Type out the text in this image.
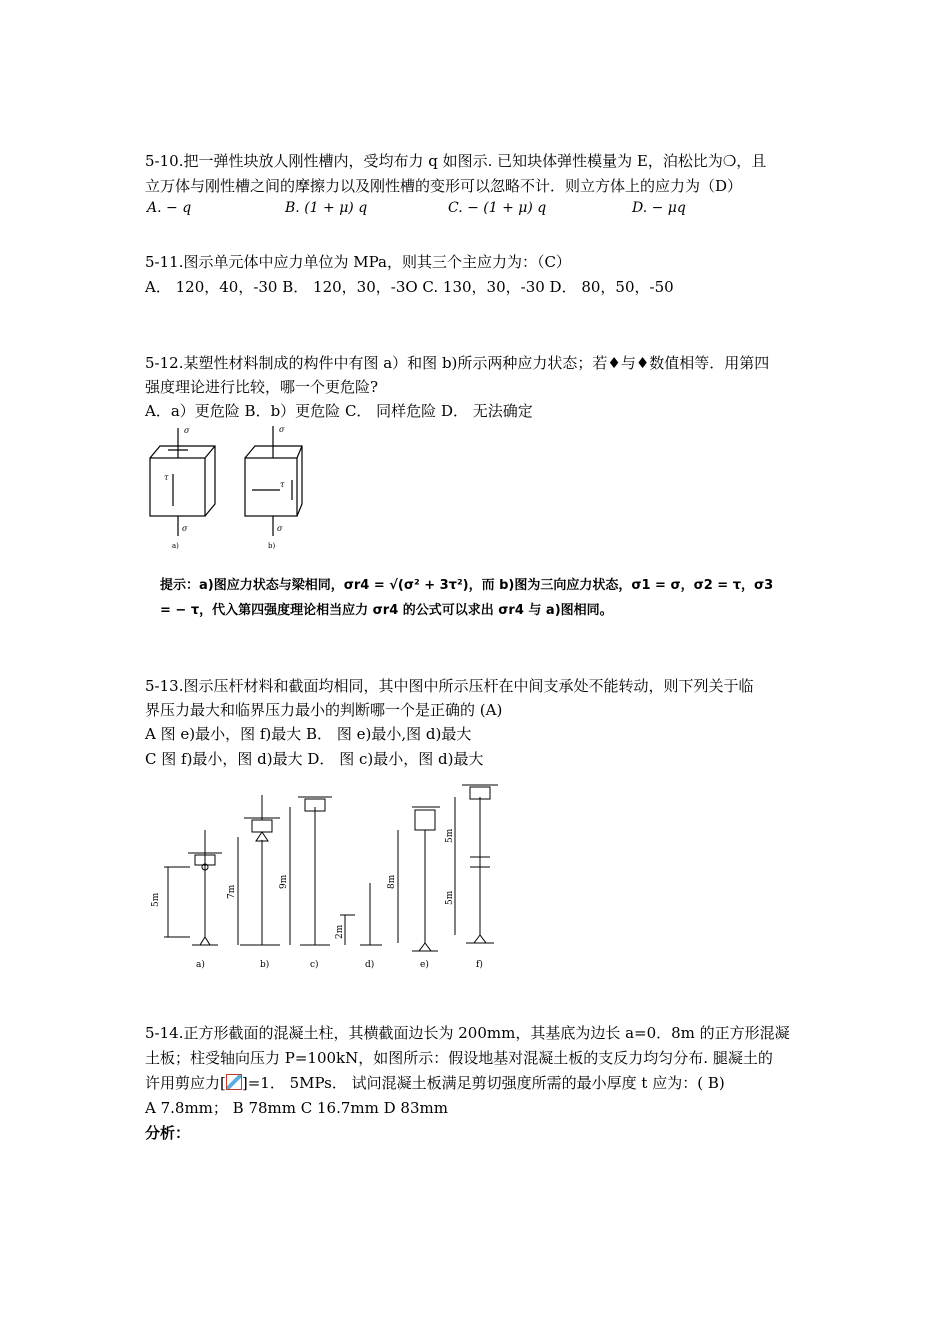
5-10.把一弹性块放人刚性槽内，受均布力 q 如图示. 已知块体弹性模量为 E，泊松比为❍，且
立万体与刚性槽之间的摩擦力以及刚性槽的变形可以忽略不计．则立方体上的应力为（D）
A. − q	B. (1 + μ) q	C. − (1 + μ) q	D. − μq
5-11.图示单元体中应力单位为 MPa，则其三个主应力为：（C）
A． 120，40，-30 B． 120，30，-3O C. 130，30，-30 D． 80，50，-50
5-12.某塑性材料制成的构件中有图 a）和图 b)所示两种应力状态；若♦与♦数值相等．用第四
强度理论进行比较，哪一个更危险?
A．a）更危险 B．b）更危险 C． 同样危险 D． 无法确定
σ
τ
σ
a)
σ
τ
σ
b)
提示：a)图应力状态与梁相同，σr4 = √(σ² + 3τ²)，而 b)图为三向应力状态，σ1 = σ，σ2 = τ，σ3
= − τ，代入第四强度理论相当应力 σr4 的公式可以求出 σr4 与 a)图相同。
5-13.图示压杆材料和截面均相同，其中图中所示压杆在中间支承处不能转动，则下列关于临
界压力最大和临界压力最小的判断哪一个是正确的 (A)
A 图 e)最小，图 f)最大 B． 图 e)最小,图 d)最大
C 图 f)最小，图 d)最大 D． 图 c)最小，图 d)最大
5m
7m
9m
2m
8m
5m
5m
a)	b)	c)	d)	e)	f)
5-14.正方形截面的混凝土柱，其横截面边长为 200mm，其基底为边长 a=0．8m 的正方形混凝
土板；柱受轴向压力 P=100kN，如图所示：假设地基对混凝土板的支反力均匀分布. 腿凝土的
许用剪应力[ ]=1． 5MPs． 试问混凝土板满足剪切强度所需的最小厚度 t 应为：( B)
A 7.8mm； B 78mm C 16.7mm D 83mm
分析：
